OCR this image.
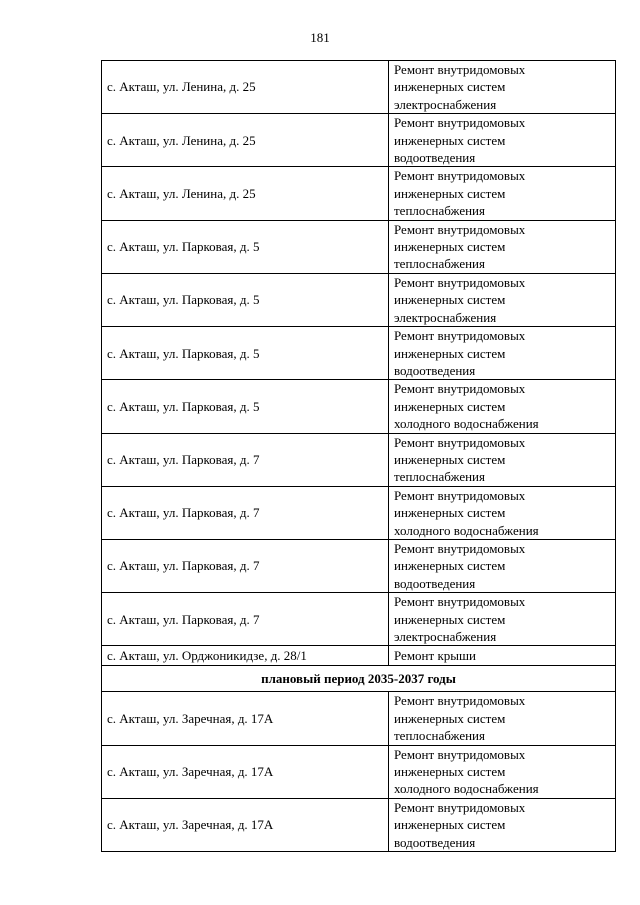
181
с. Акташ, ул. Ленина, д. 25	Ремонт внутридомовых
инженерных систем
электроснабжения

с. Акташ, ул. Ленина, д. 25	Ремонт внутридомовых
инженерных систем
водоотведения

с. Акташ, ул. Ленина, д. 25	Ремонт внутридомовых
инженерных систем
теплоснабжения

с. Акташ, ул. Парковая, д. 5	Ремонт внутридомовых
инженерных систем
теплоснабжения

с. Акташ, ул. Парковая, д. 5	Ремонт внутридомовых
инженерных систем
электроснабжения

с. Акташ, ул. Парковая, д. 5	Ремонт внутридомовых
инженерных систем
водоотведения

с. Акташ, ул. Парковая, д. 5	Ремонт внутридомовых
инженерных систем
холодного водоснабжения

с. Акташ, ул. Парковая, д. 7	Ремонт внутридомовых
инженерных систем
теплоснабжения

с. Акташ, ул. Парковая, д. 7	Ремонт внутридомовых
инженерных систем
холодного водоснабжения

с. Акташ, ул. Парковая, д. 7	Ремонт внутридомовых
инженерных систем
водоотведения

с. Акташ, ул. Парковая, д. 7	Ремонт внутридомовых
инженерных систем
электроснабжения

с. Акташ, ул. Орджоникидзе, д. 28/1	Ремонт крыши

плановый период 2035-2037 годы	
с. Акташ, ул. Заречная, д. 17А	Ремонт внутридомовых
инженерных систем
теплоснабжения

с. Акташ, ул. Заречная, д. 17А	Ремонт внутридомовых
инженерных систем
холодного водоснабжения

с. Акташ, ул. Заречная, д. 17А	Ремонт внутридомовых
инженерных систем
водоотведения
